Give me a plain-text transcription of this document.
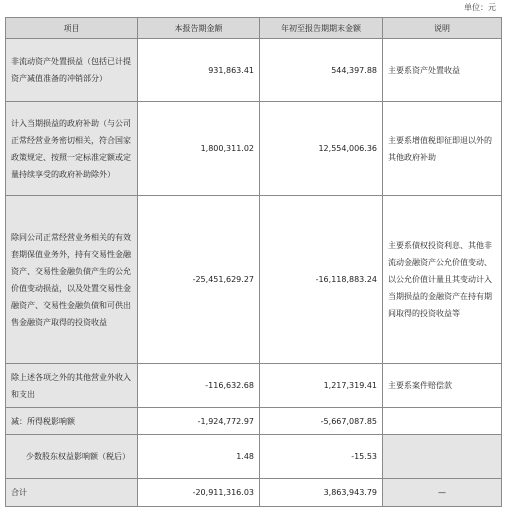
单位：元
项目	本报告期金额	年初至报告期期末金额	说明
非流动资产处置损益（包括已计提资产减值准备的冲销部分）	931,863.41	544,397.88	主要系资产处置收益
计入当期损益的政府补助（与公司正常经营业务密切相关，符合国家政策规定、按照一定标准定额或定量持续享受的政府补助除外）	1,800,311.02	12,554,006.36	主要系增值税即征即退以外的其他政府补助
除同公司正常经营业务相关的有效套期保值业务外，持有交易性金融资产、交易性金融负债产生的公允价值变动损益，以及处置交易性金融资产、交易性金融负债和可供出售金融资产取得的投资收益	-25,451,629.27	-16,118,883.24	主要系债权投资利息、其他非流动金融资产公允价值变动、以公允价值计量且其变动计入当期损益的金融资产在持有期间取得的投资收益等
除上述各项之外的其他营业外收入和支出	-116,632.68	1,217,319.41	主要系案件赔偿款
减：所得税影响额	-1,924,772.97	-5,667,087.85	
少数股东权益影响额（税后）	1.48	-15.53	
合计	-20,911,316.03	3,863,943.79	—
